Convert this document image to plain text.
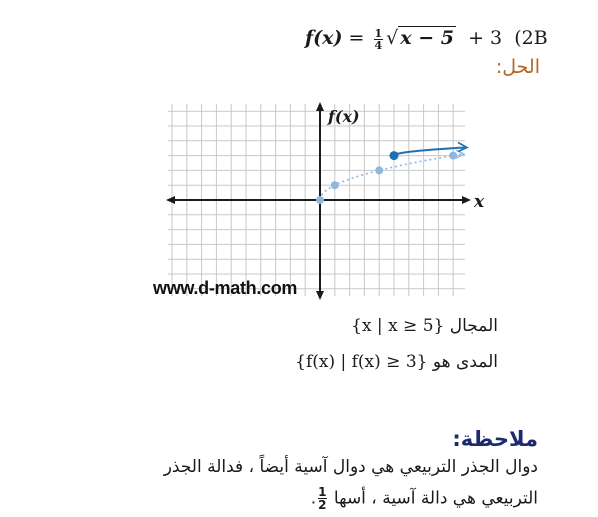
$f(x) = \frac{1}{4}$ √ x − 5 + 3 (2B
الحل:
f(x)
x
www.d-math.com
المجال {x | x ≥ 5}
المدى هو {f(x) | f(x) ≥ 3}
ملاحظة:
دوال الجذر التربيعي هي دوال آسية أيضاً ، فدالة الجذر
التربيعي هي دالة آسية ، أسها
$\frac{1}{2}$
.
